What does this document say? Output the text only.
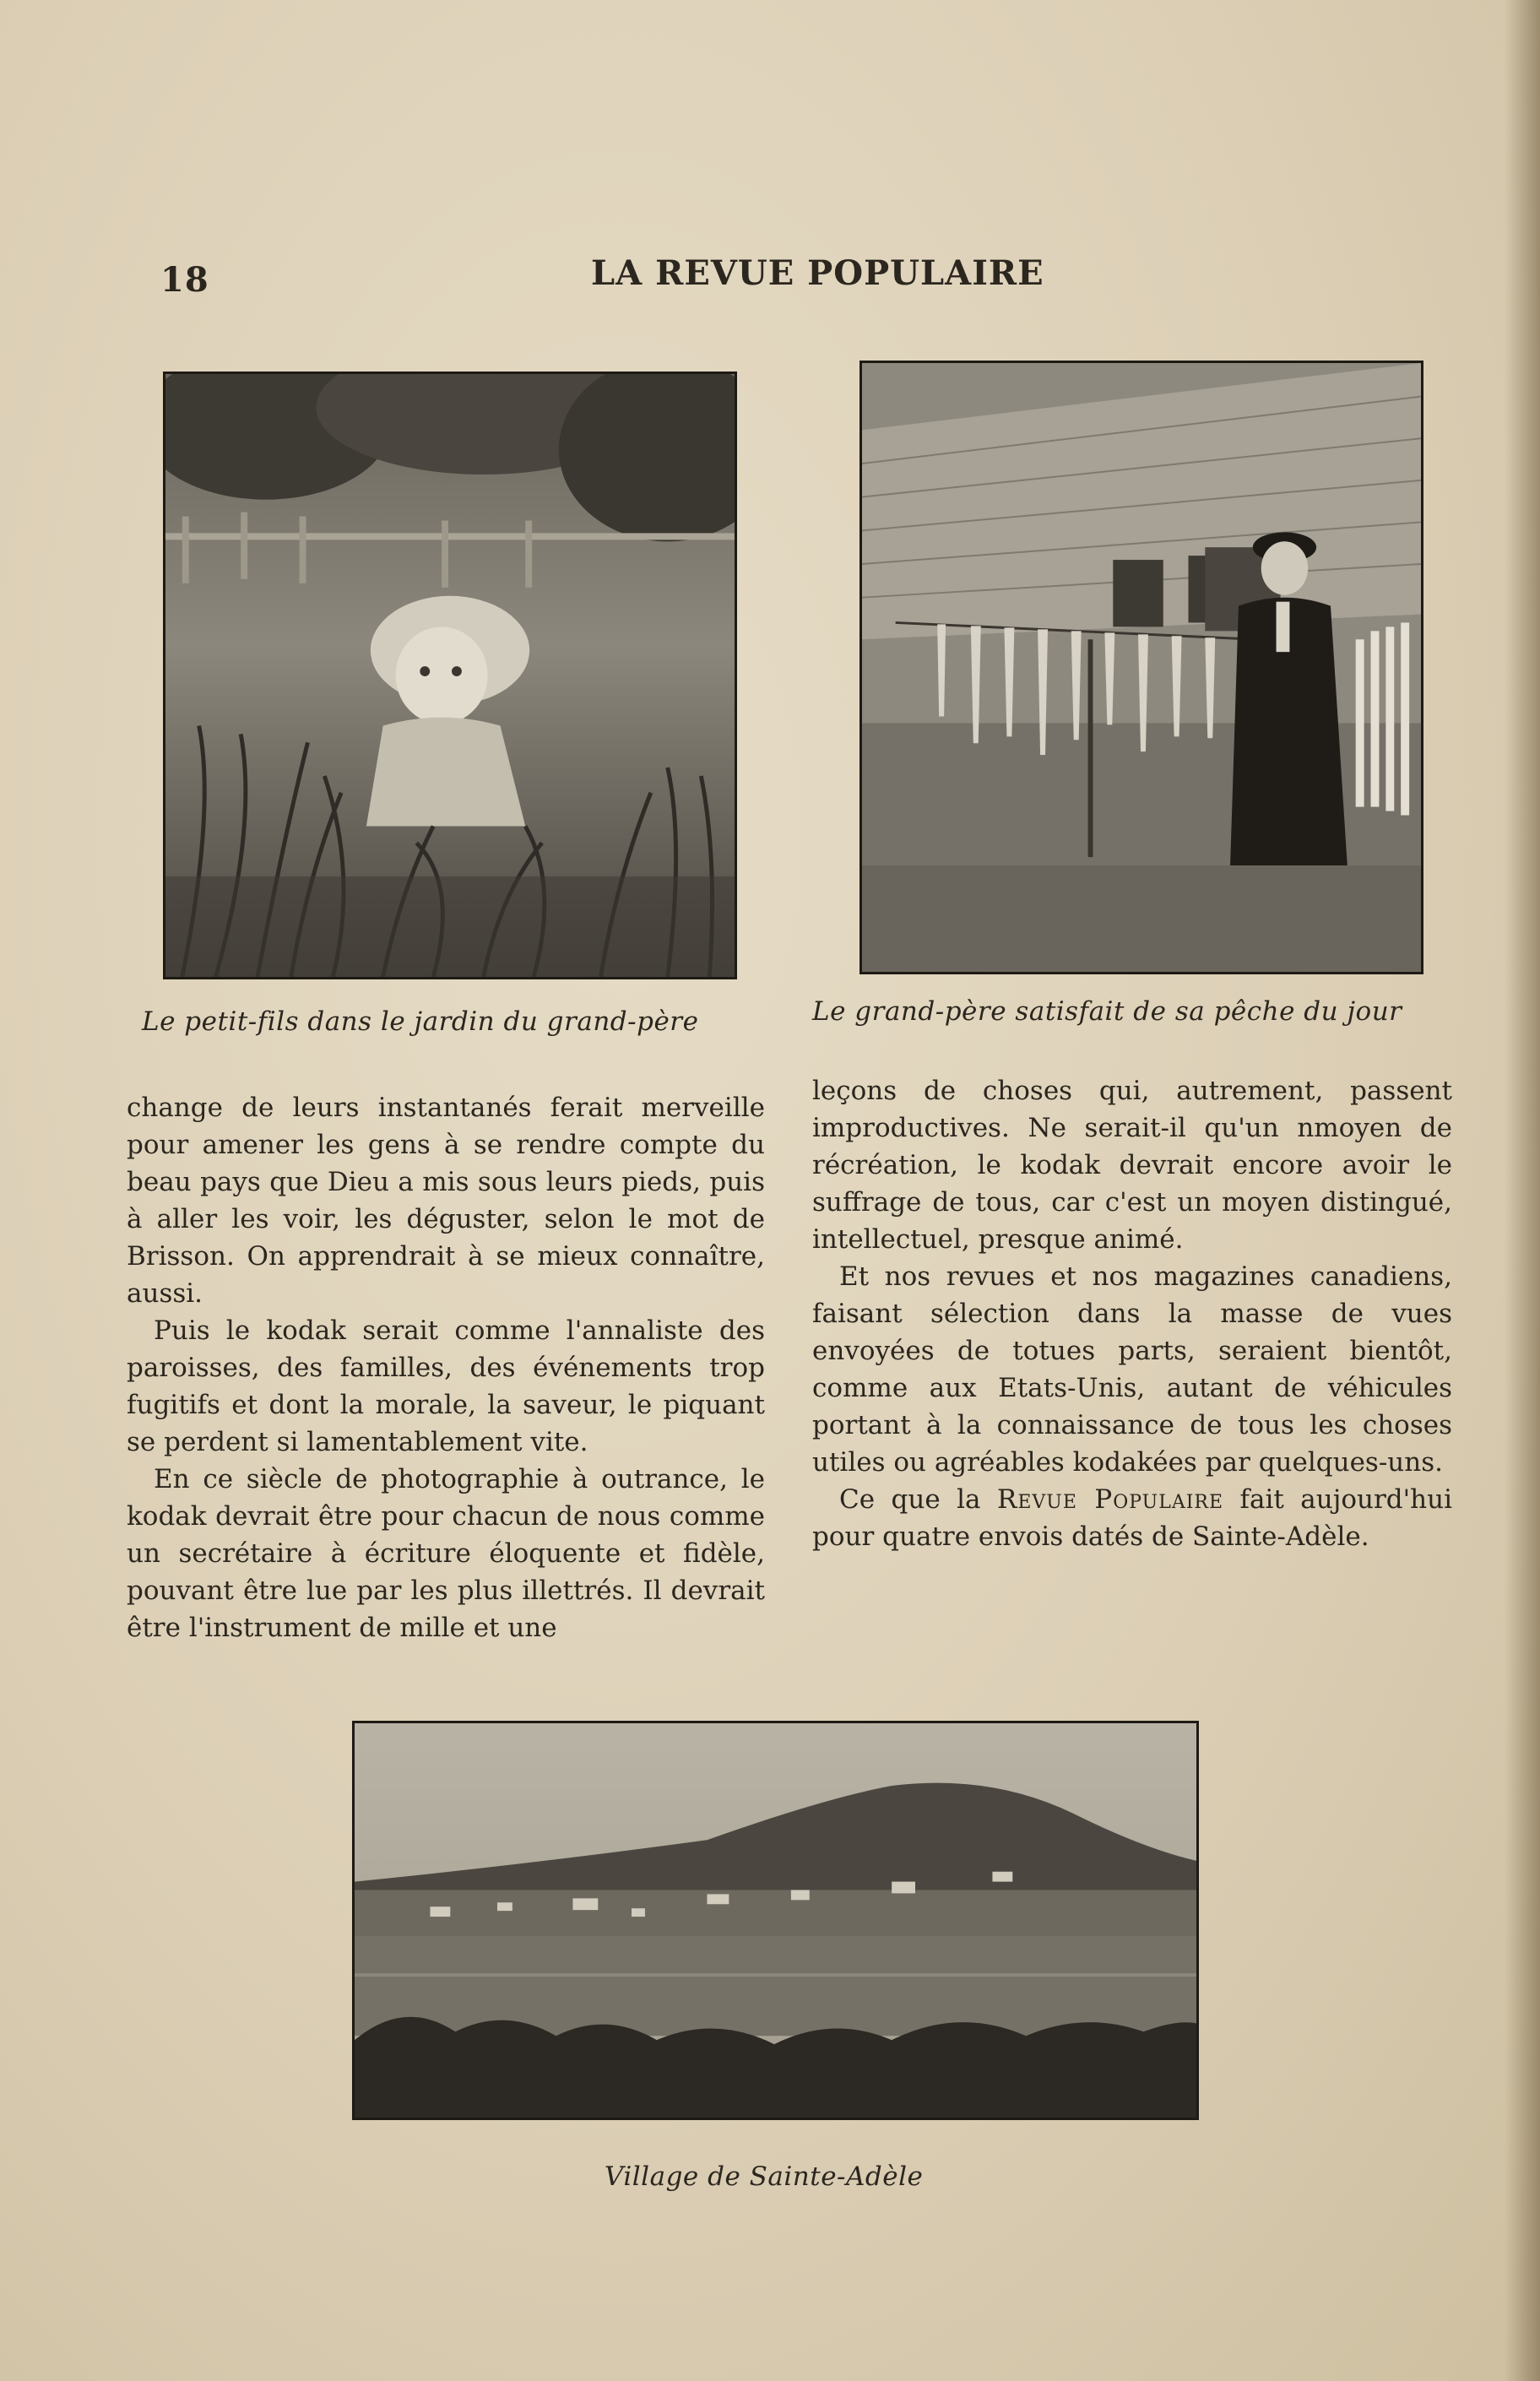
18	LA REVUE POPULAIRE
Le petit-fils dans le jardin du grand-père	Le grand-père satisfait de sa pêche du jour

change de leurs instantanés ferait merveille pour amener les gens à se rendre compte du beau pays que Dieu a mis sous leurs pieds, puis à aller les voir, les déguster, selon le mot de Brisson. On apprendrait à se mieux connaître, aussi.

Puis le kodak serait comme l'annaliste des paroisses, des familles, des événements trop fugitifs et dont la morale, la saveur, le piquant se perdent si lamentablement vite.

En ce siècle de photographie à outrance, le kodak devrait être pour chacun de nous comme un secrétaire à écriture éloquente et fidèle, pouvant être lue par les plus illettrés. Il devrait être l'instrument de mille et une

leçons de choses qui, autrement, passent improductives. Ne serait-il qu'un nmoyen de récréation, le kodak devrait encore avoir le suffrage de tous, car c'est un moyen distingué, intellectuel, presque animé.

Et nos revues et nos magazines canadiens, faisant sélection dans la masse de vues envoyées de totues parts, seraient bientôt, comme aux Etats-Unis, autant de véhicules portant à la connaissance de tous les choses utiles ou agréables kodakées par quelques-uns.

Ce que la Revue Populaire fait aujourd'hui pour quatre envois datés de Sainte-Adèle.

Village de Sainte-Adèle
